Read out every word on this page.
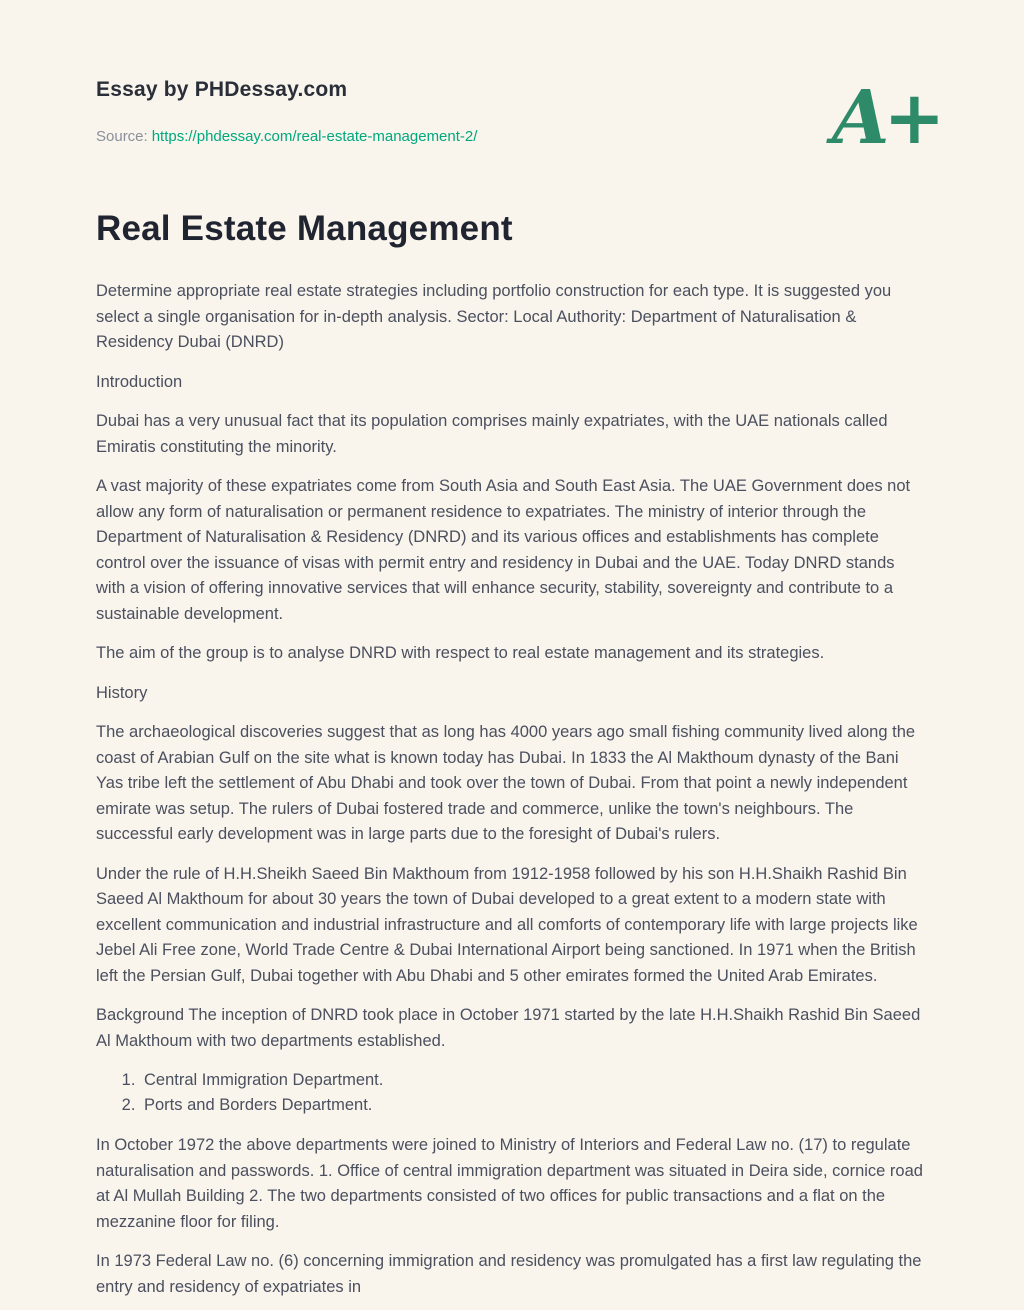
Essay by PHDessay.com
Source: https://phdessay.com/real-estate-management-2/	A+
Real Estate Management

Determine appropriate real estate strategies including portfolio construction for each type. It is suggested you select a single organisation for in-depth analysis. Sector: Local Authority: Department of Naturalisation & Residency Dubai (DNRD)

Introduction

Dubai has a very unusual fact that its population comprises mainly expatriates, with the UAE nationals called Emiratis constituting the minority.

A vast majority of these expatriates come from South Asia and South East Asia. The UAE Government does not allow any form of naturalisation or permanent residence to expatriates. The ministry of interior through the Department of Naturalisation & Residency (DNRD) and its various offices and establishments has complete control over the issuance of visas with permit entry and residency in Dubai and the UAE. Today DNRD stands with a vision of offering innovative services that will enhance security, stability, sovereignty and contribute to a sustainable development.

The aim of the group is to analyse DNRD with respect to real estate management and its strategies.

History

The archaeological discoveries suggest that as long has 4000 years ago small fishing community lived along the coast of Arabian Gulf on the site what is known today has Dubai. In 1833 the Al Makthoum dynasty of the Bani Yas tribe left the settlement of Abu Dhabi and took over the town of Dubai. From that point a newly independent emirate was setup. The rulers of Dubai fostered trade and commerce, unlike the town's neighbours. The successful early development was in large parts due to the foresight of Dubai's rulers.

Under the rule of H.H.Sheikh Saeed Bin Makthoum from 1912-1958 followed by his son H.H.Shaikh Rashid Bin Saeed Al Makthoum for about 30 years the town of Dubai developed to a great extent to a modern state with excellent communication and industrial infrastructure and all comforts of contemporary life with large projects like Jebel Ali Free zone, World Trade Centre & Dubai International Airport being sanctioned. In 1971 when the British left the Persian Gulf, Dubai together with Abu Dhabi and 5 other emirates formed the United Arab Emirates.

Background The inception of DNRD took place in October 1971 started by the late H.H.Shaikh Rashid Bin Saeed Al Makthoum with two departments established.

1. Central Immigration Department.
2. Ports and Borders Department.

In October 1972 the above departments were joined to Ministry of Interiors and Federal Law no. (17) to regulate naturalisation and passwords. 1. Office of central immigration department was situated in Deira side, cornice road at Al Mullah Building 2. The two departments consisted of two offices for public transactions and a flat on the mezzanine floor for filing.

In 1973 Federal Law no. (6) concerning immigration and residency was promulgated has a first law regulating the entry and residency of expatriates in
